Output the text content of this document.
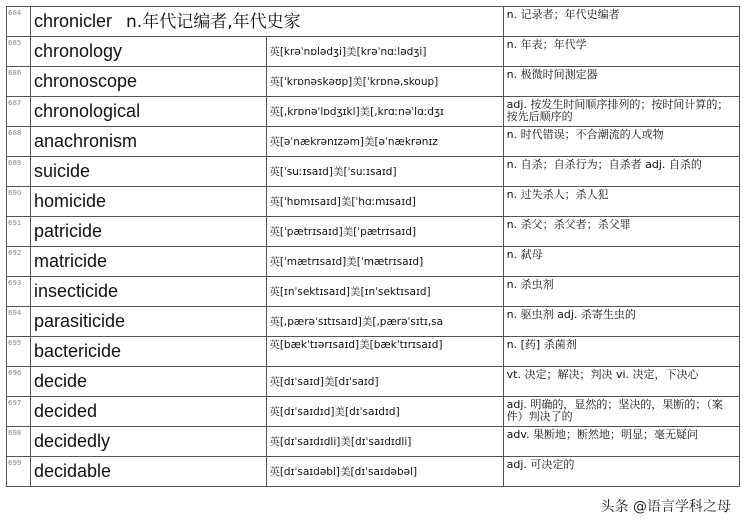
684	chronicler n.年代记编者,年代史家		n. 记录者；年代史编者
685	chronology	英[krəˈnɒlədʒi]美[krəˈnɑːlədʒi]	n. 年表；年代学
686	chronoscope	英[ˈkrɒnəskəʊp]美[ˈkrɒnə,skoup]	n. 极微时间测定器
687	chronological	英[,krɒnəˈlɒdʒɪkl]美[,krɑːnəˈlɑːdʒɪ	adj. 按发生时间顺序排列的；按时间计算的；按先后顺序的
688	anachronism	英[əˈnækrənɪzəm]美[əˈnækrənɪz	n. 时代错误；不合潮流的人或物
689	suicide	英[ˈsuːɪsaɪd]美[ˈsuːɪsaɪd]	n. 自杀；自杀行为；自杀者 adj. 自杀的
690	homicide	英[ˈhɒmɪsaɪd]美[ˈhɑːmɪsaɪd]	n. 过失杀人；杀人犯
691	patricide	英[ˈpætrɪsaɪd]美[ˈpætrɪsaɪd]	n. 杀父；杀父者；杀父罪
692	matricide	英[ˈmætrɪsaɪd]美[ˈmætrɪsaɪd]	n. 弑母
693	insecticide	英[ɪnˈsektɪsaɪd]美[ɪnˈsektɪsaɪd]	n. 杀虫剂
694	parasiticide	英[,pærəˈsɪtɪsaɪd]美[,pærəˈsɪtɪ,sa	n. 驱虫剂 adj. 杀寄生虫的
695	bactericide	英[bækˈtɪərɪsaɪd]美[bæk'tɪrɪsaɪd]	n. [药] 杀菌剂
696	decide	英[dɪˈsaɪd]美[dɪˈsaɪd]	vt. 决定；解决；判决 vi. 决定，下决心
697	decided	英[dɪˈsaɪdɪd]美[dɪˈsaɪdɪd]	adj. 明确的，显然的；坚决的，果断的；（案件）判决了的
698	decidedly	英[dɪˈsaɪdɪdli]美[dɪˈsaɪdɪdli]	adv. 果断地；断然地；明显；毫无疑问
699	decidable	英[dɪˈsaɪdəbl]美[dɪˈsaɪdəbəl]	adj. 可决定的
头条 @语言学科之母
